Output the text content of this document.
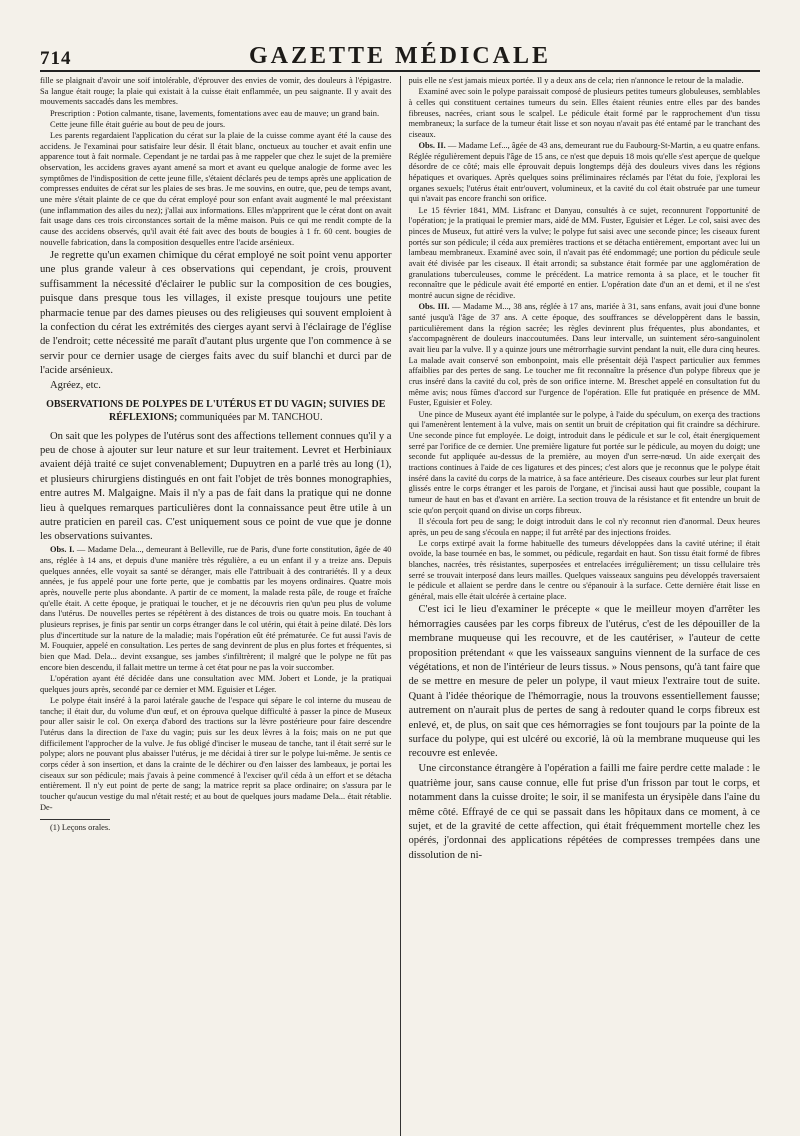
714	GAZETTE MÉDICALE

fille se plaignait d'avoir une soif intolérable, d'éprouver des envies de vomir, des douleurs à l'épigastre. Sa langue était rouge; la plaie qui existait à la cuisse était enflammée, un peu saignante. Il y avait des mouvements saccadés dans les membres.

Prescription : Potion calmante, tisane, lavements, fomentations avec eau de mauve; un grand bain.

Cette jeune fille était guérie au bout de peu de jours.

Les parents regardaient l'application du cérat sur la plaie de la cuisse comme ayant été la cause des accidens. Je l'examinai pour satisfaire leur désir. Il était blanc, onctueux au toucher et avait enfin une apparence tout à fait normale. Cependant je ne tardai pas à me rappeler que chez le sujet de la première observation, les accidens graves ayant amené sa mort et avant eu quelque analogie de forme avec les symptômes de l'indisposition de cette jeune fille, s'étaient déclarés peu de temps après une application de compresses enduites de cérat sur les plaies de ses bras. Je me souvins, en outre, que, peu de temps avant, une mère s'était plainte de ce que du cérat employé pour son enfant avait augmenté le mal préexistant (une inflammation des ailes du nez); j'allai aux informations. Elles m'apprirent que le cérat dont on avait fait usage dans ces trois circonstances sortait de la même maison. Puis ce qui me rendit compte de la cause des accidens observés, qu'il avait été fait avec des bouts de bougies à 1 fr. 60 cent. bougies de nouvelle fabrication, dans la composition desquelles entre l'acide arsénieux.

Je regrette qu'un examen chimique du cérat employé ne soit point venu apporter une plus grande valeur à ces observations qui cependant, je crois, prouvent suffisamment la nécessité d'éclairer le public sur la composition de ces bougies, puisque dans presque tous les villages, il existe presque toujours une petite pharmacie tenue par des dames pieuses ou des religieuses qui souvent emploient à la confection du cérat les extrémités des cierges ayant servi à l'éclairage de l'église de l'endroit; cette nécessité me paraît d'autant plus urgente que l'on commence à se servir pour ce dernier usage de cierges faits avec du suif blanchi et durci par de l'acide arsénieux.

Agréez, etc.

OBSERVATIONS DE POLYPES DE L'UTÉRUS ET DU VAGIN; SUIVIES DE RÉFLEXIONS; communiquées par M. TANCHOU.

On sait que les polypes de l'utérus sont des affections tellement connues qu'il y a peu de chose à ajouter sur leur nature et sur leur traitement. Levret et Herbiniaux avaient déjà traité ce sujet convenablement; Dupuytren en a parlé très au long (1), et plusieurs chirurgiens distingués en ont fait l'objet de très bonnes monographies, entre autres M. Malgaigne. Mais il n'y a pas de fait dans la pratique qui ne donne lieu à quelques remarques particulières dont la connaissance peut être utile à un autre praticien en pareil cas. C'est uniquement sous ce point de vue que je donne les observations suivantes.

Obs. I. — Madame Dela..., demeurant à Belleville, rue de Paris, d'une forte constitution, âgée de 40 ans, réglée à 14 ans, et depuis d'une manière très régulière, a eu un enfant il y a treize ans. Depuis quelques années, elle voyait sa santé se déranger, mais elle l'attribuait à des contrariétés. Il y a deux années, je fus appelé pour une forte perte, que je combattis par les moyens ordinaires. Quatre mois après, nouvelle perte plus abondante. A partir de ce moment, la malade resta pâle, de rouge et fraîche qu'elle était. A cette époque, je pratiquai le toucher, et je ne découvris rien qu'un peu plus de volume dans l'utérus. De nouvelles pertes se répétèrent à des distances de trois ou quatre mois. En touchant à plusieurs reprises, je finis par sentir un corps étranger dans le col utérin, qui était à peine dilaté. Dès lors plus d'incertitude sur la nature de la maladie; mais l'opération eût été prématurée. Ce fut aussi l'avis de M. Fouquier, appelé en consultation. Les pertes de sang devinrent de plus en plus fortes et fréquentes, si bien que Mad. Dela... devint exsangue, ses jambes s'infiltrèrent; il malgré que le polype ne fût pas encore bien descendu, il fallait mettre un terme à cet état pour ne pas la voir succomber.

L'opération ayant été décidée dans une consultation avec MM. Jobert et Londe, je la pratiquai quelques jours après, secondé par ce dernier et MM. Eguisier et Léger.

Le polype était inséré à la paroi latérale gauche de l'espace qui sépare le col interne du museau de tanche; il était dur, du volume d'un œuf, et on éprouva quelque difficulté à passer la pince de Museux pour aller saisir le col. On exerça d'abord des tractions sur la lèvre postérieure pour faire descendre l'utérus dans la direction de l'axe du vagin; puis sur les deux lèvres à la fois; mais on ne put que difficilement l'approcher de la vulve. Je fus obligé d'inciser le museau de tanche, tant il était serré sur le polype; alors ne pouvant plus abaisser l'utérus, je me décidai à tirer sur le polype lui-même. Je sentis ce corps céder à son insertion, et dans la crainte de le déchirer ou d'en laisser des lambeaux, je portai les ciseaux sur son pédicule; mais j'avais à peine commencé à l'exciser qu'il céda à un effort et se détacha entièrement. Il n'y eut point de perte de sang; la matrice reprit sa place ordinaire; on s'assura par le toucher qu'aucun vestige du mal n'était resté; et au bout de quelques jours madame Dela... était rétablie. De-

(1) Leçons orales.

puis elle ne s'est jamais mieux portée. Il y a deux ans de cela; rien n'annonce le retour de la maladie.

Examiné avec soin le polype paraissait composé de plusieurs petites tumeurs globuleuses, semblables à celles qui constituent certaines tumeurs du sein. Elles étaient réunies entre elles par des bandes fibreuses, nacrées, criant sous le scalpel. Le pédicule était formé par le rapprochement d'un tissu membraneux; la surface de la tumeur était lisse et son noyau n'avait pas été entamé par le tranchant des ciseaux.

Obs. II. — Madame Lef..., âgée de 43 ans, demeurant rue du Faubourg-St-Martin, a eu quatre enfans. Réglée régulièrement depuis l'âge de 15 ans, ce n'est que depuis 18 mois qu'elle s'est aperçue de quelque désordre de ce côté; mais elle éprouvait depuis longtemps déjà des douleurs vives dans les régions hépatiques et ovariques. Après quelques soins préliminaires réclamés par l'état du foie, j'explorai les organes sexuels; l'utérus était entr'ouvert, volumineux, et la cavité du col était obstruée par une tumeur qui n'avait pas encore franchi son orifice.

Le 15 février 1841, MM. Lisfranc et Danyau, consultés à ce sujet, reconnurent l'opportunité de l'opération; je la pratiquai le premier mars, aidé de MM. Fuster, Eguisier et Léger. Le col, saisi avec des pinces de Museux, fut attiré vers la vulve; le polype fut saisi avec une seconde pince; les ciseaux furent portés sur son pédicule; il céda aux premières tractions et se détacha entièrement, emportant avec lui un lambeau membraneux. Examiné avec soin, il n'avait pas été endommagé; une portion du pédicule seule avait été divisée par les ciseaux. Il était arrondi; sa substance était formée par une agglomération de granulations tuberculeuses, comme le précédent. La matrice remonta à sa place, et le toucher fit reconnaître que le pédicule avait été emporté en entier. L'opération date d'un an et demi, et il ne s'est montré aucun signe de récidive.

Obs. III. — Madame M..., 38 ans, réglée à 17 ans, mariée à 31, sans enfans, avait joui d'une bonne santé jusqu'à l'âge de 37 ans. A cette époque, des souffrances se développèrent dans le bassin, particulièrement dans la région sacrée; les règles devinrent plus fréquentes, plus abondantes, et s'accompagnèrent de douleurs inaccoutumées. Dans leur intervalle, un suintement séro-sanguinolent avait lieu par la vulve. Il y a quinze jours une métrorrhagie survint pendant la nuit, elle dura cinq heures. La malade avait conservé son embonpoint, mais elle présentait déjà l'aspect particulier aux femmes affaiblies par des pertes de sang. Le toucher me fit reconnaître la présence d'un polype fibreux que je crus inséré dans la cavité du col, près de son orifice interne. M. Breschet appelé en consultation fut du même avis; nous fûmes d'accord sur l'urgence de l'opération. Elle fut pratiquée en présence de MM. Fuster, Eguisier et Foley.

Une pince de Museux ayant été implantée sur le polype, à l'aide du spéculum, on exerça des tractions qui l'amenèrent lentement à la vulve, mais on sentit un bruit de crépitation qui fit craindre sa déchirure. Une seconde pince fut employée. Le doigt, introduit dans le pédicule et sur le col, était énergiquement serré par l'orifice de ce dernier. Une première ligature fut portée sur le pédicule, au moyen du doigt; une seconde fut appliquée au-dessus de la première, au moyen d'un serre-nœud. Un aide exerçait des tractions continues à l'aide de ces ligatures et des pinces; c'est alors que je reconnus que le polype était inséré dans la cavité du corps de la matrice, à sa face antérieure. Des ciseaux courbes sur leur plat furent glissés entre le corps étranger et les parois de l'organe, et j'incisai aussi haut que possible, coupant la tumeur de haut en bas et d'avant en arrière. La section trouva de la résistance et fit entendre un bruit de scie qu'on perçoit quand on divise un corps fibreux.

Il s'écoula fort peu de sang; le doigt introduit dans le col n'y reconnut rien d'anormal. Deux heures après, un peu de sang s'écoula en nappe; il fut arrêté par des injections froides.

Le corps extirpé avait la forme habituelle des tumeurs développées dans la cavité utérine; il était ovoïde, la base tournée en bas, le sommet, ou pédicule, regardait en haut. Son tissu était formé de fibres blanches, nacrées, très résistantes, superposées et entrelacées irrégulièrement; un tissu cellulaire très serré se trouvait interposé dans leurs mailles. Quelques vaisseaux sanguins peu développés traversaient le pédicule et allaient se perdre dans le centre ou s'épanouir à la surface. Cette dernière était lisse en général, mais elle était ulcérée à certaine place.

C'est ici le lieu d'examiner le précepte « que le meilleur moyen d'arrêter les hémorragies causées par les corps fibreux de l'utérus, c'est de les dépouiller de la membrane muqueuse qui les recouvre, et de les cautériser, » l'auteur de cette proposition prétendant « que les vaisseaux sanguins viennent de la surface de ces végétations, et non de l'intérieur de leurs tissus. » Nous pensons, qu'à tant faire que de se mettre en mesure de peler un polype, il vaut mieux l'extraire tout de suite. Quant à l'idée théorique de l'hémorragie, nous la trouvons essentiellement fausse; autrement on n'aurait plus de pertes de sang à redouter quand le corps fibreux est enlevé, et, de plus, on sait que ces hémorragies se font toujours par la pointe de la surface du polype, qui est ulcéré ou excorié, là où la membrane muqueuse qui les recouvre est enlevée.

Une circonstance étrangère à l'opération a failli me faire perdre cette malade : le quatrième jour, sans cause connue, elle fut prise d'un frisson par tout le corps, et notamment dans la cuisse droite; le soir, il se manifesta un érysipèle dans l'aine du même côté. Effrayé de ce qui se passait dans les hôpitaux dans ce moment, à ce sujet, et de la gravité de cette affection, qui était fréquemment mortelle chez les opérés, j'ordonnai des applications répétées de compresses trempées dans une dissolution de ni-
